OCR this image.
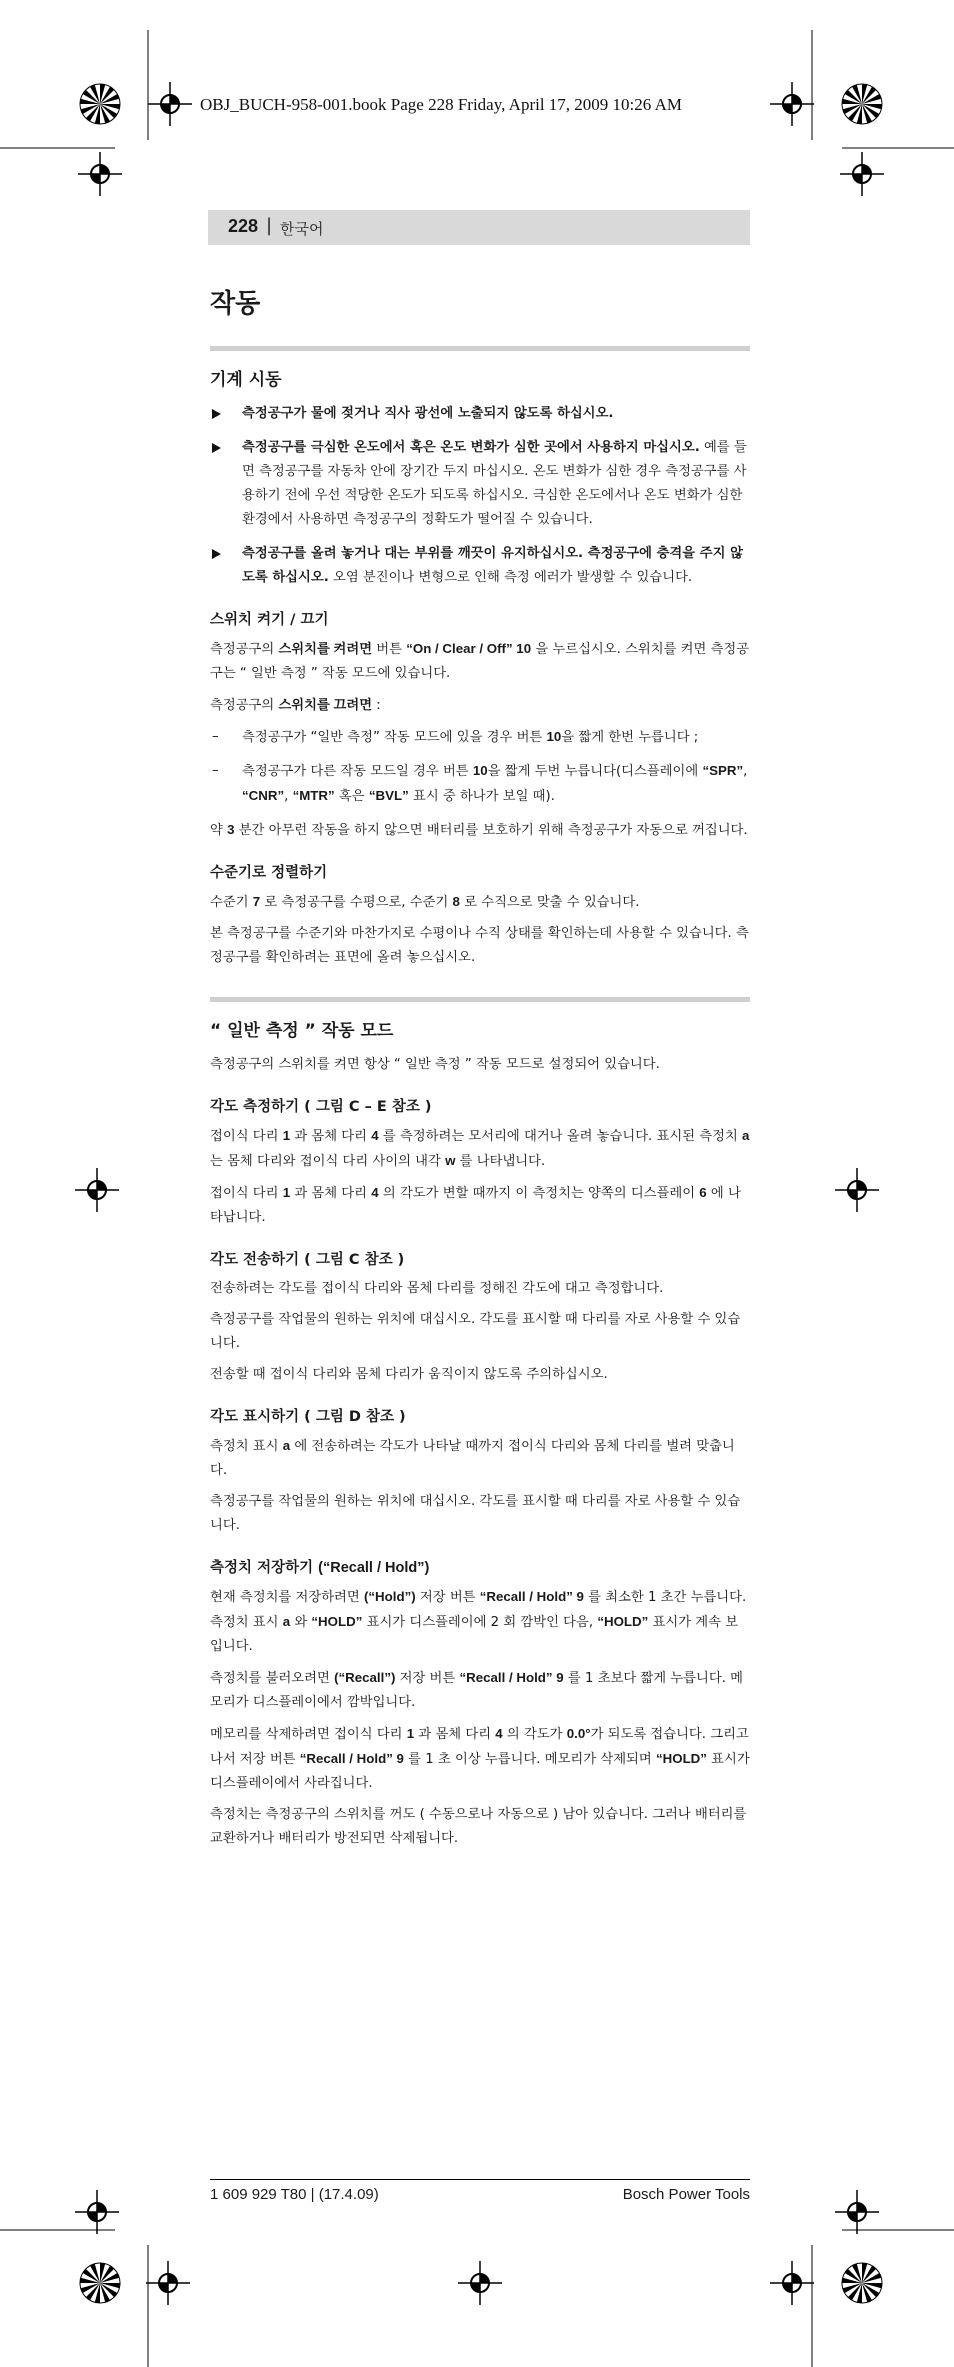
OBJ_BUCH-958-001.book Page 228 Friday, April 17, 2009 10:26 AM
228 | 한국어
작동
기계 시동
측정공구가 물에 젖거나 직사 광선에 노출되지 않도록 하십시오.
측정공구를 극심한 온도에서 혹은 온도 변화가 심한 곳에서 사용하지 마십시오. 예를 들면 측정공구를 자동차 안에 장기간 두지 마십시오. 온도 변화가 심한 경우 측정공구를 사용하기 전에 우선 적당한 온도가 되도록 하십시오. 극심한 온도에서나 온도 변화가 심한 환경에서 사용하면 측정공구의 정확도가 떨어질 수 있습니다.
측정공구를 올려 놓거나 대는 부위를 깨끗이 유지하십시오. 측정공구에 충격을 주지 않도록 하십시오. 오염 분진이나 변형으로 인해 측정 에러가 발생할 수 있습니다.
스위치 켜기 / 끄기
측정공구의 스위치를 켜려면 버튼 “On / Clear / Off” 10 을 누르십시오. 스위치를 켜면 측정공구는 “ 일반 측정 ” 작동 모드에 있습니다.
측정공구의 스위치를 끄려면 :
– 측정공구가 “일반 측정” 작동 모드에 있을 경우 버튼 10을 짧게 한번 누릅니다 ;
– 측정공구가 다른 작동 모드일 경우 버튼 10을 짧게 두번 누릅니다(디스플레이에 “SPR”, “CNR”, “MTR” 혹은 “BVL” 표시 중 하나가 보일 때).
약 3 분간 아무런 작동을 하지 않으면 배터리를 보호하기 위해 측정공구가 자동으로 꺼집니다.
수준기로 정렬하기
수준기 7 로 측정공구를 수평으로, 수준기 8 로 수직으로 맞출 수 있습니다.
본 측정공구를 수준기와 마찬가지로 수평이나 수직 상태를 확인하는데 사용할 수 있습니다. 측정공구를 확인하려는 표면에 올려 놓으십시오.
“ 일반 측정 ” 작동 모드
측정공구의 스위치를 켜면 항상 “ 일반 측정 ” 작동 모드로 설정되어 있습니다.
각도 측정하기 ( 그림 C – E 참조 )
접이식 다리 1 과 몸체 다리 4 를 측정하려는 모서리에 대거나 올려 놓습니다. 표시된 측정치 a 는 몸체 다리와 접이식 다리 사이의 내각 w 를 나타냅니다.
접이식 다리 1 과 몸체 다리 4 의 각도가 변할 때까지 이 측정치는 양쪽의 디스플레이 6 에 나타납니다.
각도 전송하기 ( 그림 C 참조 )
전송하려는 각도를 접이식 다리와 몸체 다리를 정해진 각도에 대고 측정합니다.
측정공구를 작업물의 원하는 위치에 대십시오. 각도를 표시할 때 다리를 자로 사용할 수 있습니다.
전송할 때 접이식 다리와 몸체 다리가 움직이지 않도록 주의하십시오.
각도 표시하기 ( 그림 D 참조 )
측정치 표시 a 에 전송하려는 각도가 나타날 때까지 접이식 다리와 몸체 다리를 벌려 맞춥니다.
측정공구를 작업물의 원하는 위치에 대십시오. 각도를 표시할 때 다리를 자로 사용할 수 있습니다.
측정치 저장하기 (“Recall / Hold”)
현재 측정치를 저장하려면 (“Hold”) 저장 버튼 “Recall / Hold” 9 를 최소한 1 초간 누릅니다. 측정치 표시 a 와 “HOLD” 표시가 디스플레이에 2 회 깜박인 다음, “HOLD” 표시가 계속 보입니다.
측정치를 불러오려면 (“Recall”) 저장 버튼 “Recall / Hold” 9 를 1 초보다 짧게 누릅니다. 메모리가 디스플레이에서 깜박입니다.
메모리를 삭제하려면 접이식 다리 1 과 몸체 다리 4 의 각도가 0.0°가 되도록 접습니다. 그리고 나서 저장 버튼 “Recall / Hold” 9 를 1 초 이상 누릅니다. 메모리가 삭제되며 “HOLD” 표시가 디스플레이에서 사라집니다.
측정치는 측정공구의 스위치를 꺼도 ( 수동으로나 자동으로 ) 남아 있습니다. 그러나 배터리를 교환하거나 배터리가 방전되면 삭제됩니다.
1 609 929 T80 | (17.4.09)	Bosch Power Tools
